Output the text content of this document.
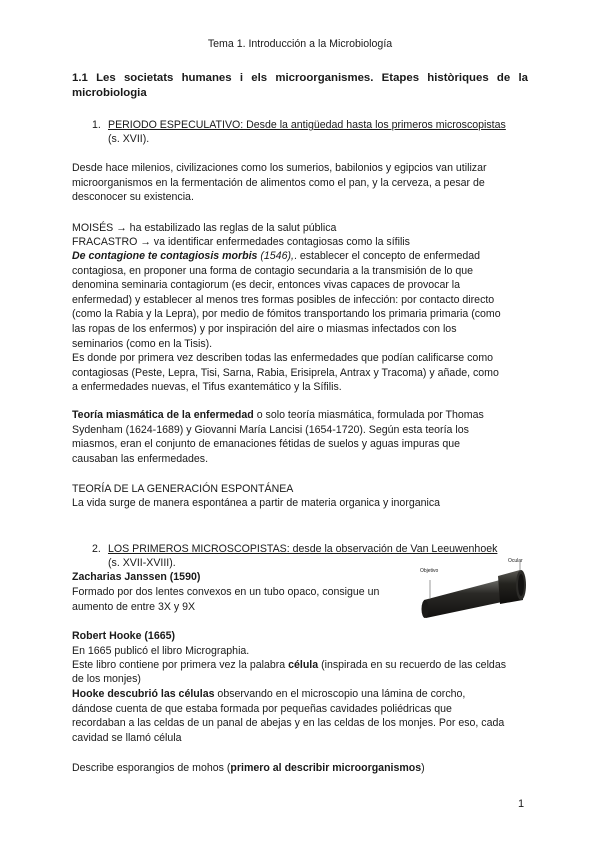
Tema 1. Introducción a la Microbiología
1.1 Les societats humanes i els microorganismes. Etapes històriques de la
microbiologia
1. PERIODO ESPECULATIVO: Desde la antigüedad hasta los primeros microscopistas
(s. XVII).
Desde hace milenios, civilizaciones como los sumerios, babilonios y egipcios van utilizar
microorganismos en la fermentación de alimentos como el pan, y la cerveza, a pesar de
desconocer su existencia.
MOISÉS → ha estabilizado las reglas de la salut pública
FRACASTRO → va identificar enfermedades contagiosas como la sífilis
De contagione te contagiosis morbis (1546),. establecer el concepto de enfermedad
contagiosa, en proponer una forma de contagio secundaria a la transmisión de lo que
denomina seminaria contagiorum (es decir, entonces vivas capaces de provocar la
enfermedad) y establecer al menos tres formas posibles de infección: por contacto directo
(como la Rabia y la Lepra), por medio de fómitos transportando los primaria primaria (como
las ropas de los enfermos) y por inspiración del aire o miasmas infectados con los
seminarios (como en la Tisis).
Es donde por primera vez describen todas las enfermedades que podían calificarse como
contagiosas (Peste, Lepra, Tisi, Sarna, Rabia, Erisiprela, Antrax y Tracoma) y añade, como
a enfermedades nuevas, el Tifus exantemático y la Sífilis.
Teoría miasmática de la enfermedad o solo teoría miasmática, formulada por Thomas
Sydenham (1624-1689) y Giovanni María Lancisi (1654-1720). Según esta teoría los
miasmos, eran el conjunto de emanaciones fétidas de suelos y aguas impuras que
causaban las enfermedades.
TEORÍA DE LA GENERACIÓN ESPONTÁNEA
La vida surge de manera espontánea a partir de materia organica y inorganica
2. LOS PRIMEROS MICROSCOPISTAS: desde la observación de Van Leeuwenhoek
(s. XVII-XVIII).
Zacharias Janssen (1590)
Formado por dos lentes convexos en un tubo opaco, consigue un
aumento de entre 3X y 9X
Objetivo
Ocular
Robert Hooke (1665)
En 1665 publicó el libro Micrographia.
Este libro contiene por primera vez la palabra célula (inspirada en su recuerdo de las celdas
de los monjes)
Hooke descubrió las células observando en el microscopio una lámina de corcho,
dándose cuenta de que estaba formada por pequeñas cavidades poliédricas que
recordaban a las celdas de un panal de abejas y en las celdas de los monjes. Por eso, cada
cavidad se llamó célula
Describe esporangios de mohos (primero al describir microorganismos)
1
